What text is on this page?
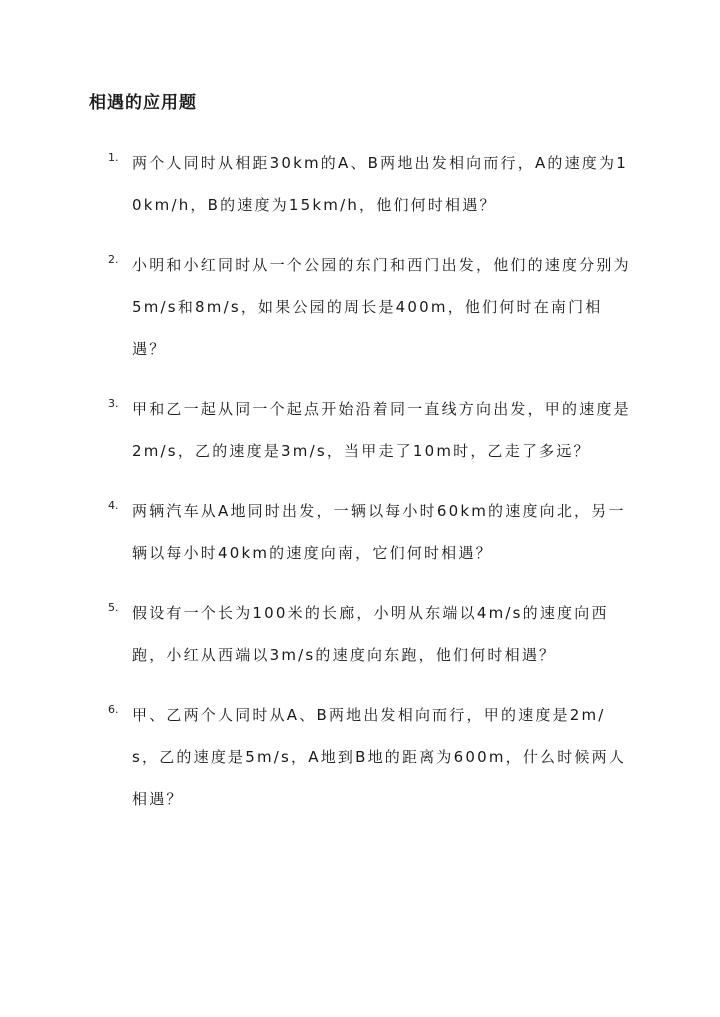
相遇的应用题
1. 两个人同时从相距30km的A、B两地出发相向而行，A的速度为10km/h，B的速度为15km/h，他们何时相遇？
2. 小明和小红同时从一个公园的东门和西门出发，他们的速度分别为5m/s和8m/s，如果公园的周长是400m，他们何时在南门相遇？
3. 甲和乙一起从同一个起点开始沿着同一直线方向出发，甲的速度是2m/s，乙的速度是3m/s，当甲走了10m时，乙走了多远？
4. 两辆汽车从A地同时出发，一辆以每小时60km的速度向北，另一辆以每小时40km的速度向南，它们何时相遇？
5. 假设有一个长为100米的长廊，小明从东端以4m/s的速度向西跑，小红从西端以3m/s的速度向东跑，他们何时相遇？
6. 甲、乙两个人同时从A、B两地出发相向而行，甲的速度是2m/s，乙的速度是5m/s，A地到B地的距离为600m，什么时候两人相遇？
